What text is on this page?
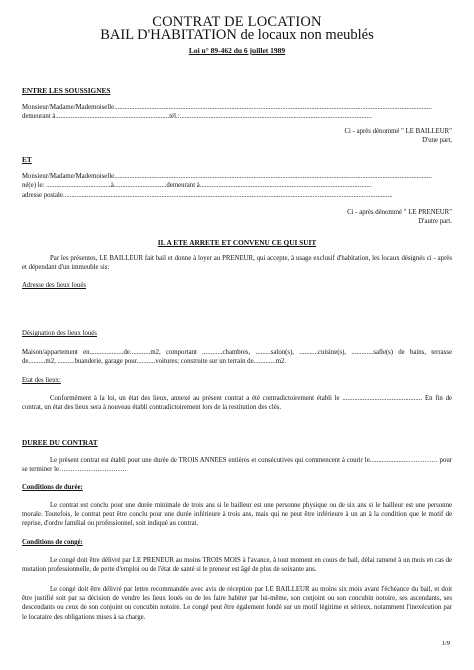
CONTRAT DE LOCATION
BAIL D'HABITATION de locaux non meublés
Loi n° 89-462 du 6 juillet 1989
ENTRE LES SOUSSIGNES
Monsieur/Madame/Mademoiselle...........................................................................................................................................................................................
demeurant à...................................................................tél.:.................................................................................................................
Ci - après dénommé " LE BAILLEUR"
D'une part,
ET
Monsieur/Madame/Mademoiselle...........................................................................................................................................................................................
né(e) le: ......................................à...............................demeurant à.....................................................................................................
adresse postale..................................................................................................................................................................................................
Ci - après dénommé " LE PRENEUR"
D'autre part.
IL A ETE ARRETE ET CONVENU CE QUI SUIT
Par les présentes, LE BAILLEUR fait bail et donne à loyer au PRENEUR, qui accepte, à usage exclusif d'habitation, les locaux désignés ci - après et dépendant d'un immeuble sis:
Adresse des lieux loués
Désignation des lieux loués
Maison/appartement en....................de............m2, comportant ............chambres, .........salon(s), ...........cuisine(s), .............salle(s) de bains, terrasse de..........m2, ..........buanderie, garage pour...........voitures; construite sur un terrain de.............m2.
Etat des lieux:
Conformément à la loi, un état des lieux, annexé au présent contrat a été contradictoirement établi le ............................................... En fin de contrat, un état des lieux sera à nouveau établi contradictoirement lors de la restitution des clés.
DUREE DU CONTRAT
Le présent contrat est établi pour une durée de TROIS ANNEES entières et consécutives qui commencent à courir le.......................…………. pour se terminer le…………………………
Conditions de durée:
Le contrat est conclu pour une durée minimale de trois ans si le bailleur est une personne physique ou de six ans si le bailleur est une personne morale. Toutefois, le contrat peut être conclu pour une durée inférieure à trois ans, mais qui ne peut être inférieure à un an à la condition que le motif de reprise, d'ordre familial ou professionnel, soit indiqué au contrat.
Conditions de congé:
Le congé doit être délivré par LE PRENEUR au moins TROIS MOIS à l'avance, à tout moment en cours de bail, délai ramené à un mois en cas de mutation professionnelle, de perte d'emploi ou de l'état de santé si le preneur est âgé de plus de soixante ans.
Le congé doit être délivré par lettre recommandée avec avis de réception par LE BAILLEUR au moins six mois avant l'échéance du bail, et doit être justifié soit par sa décision de vendre les lieux loués ou de les faire habiter par lui-même, son conjoint ou son concubin notoire, ses ascendants, ses descendants ou ceux de son conjoint ou concubin notoire. Le congé peut être également fondé sur un motif légitime et sérieux, notamment l'inexécution par le locataire des obligations mises à sa charge.
1/9
